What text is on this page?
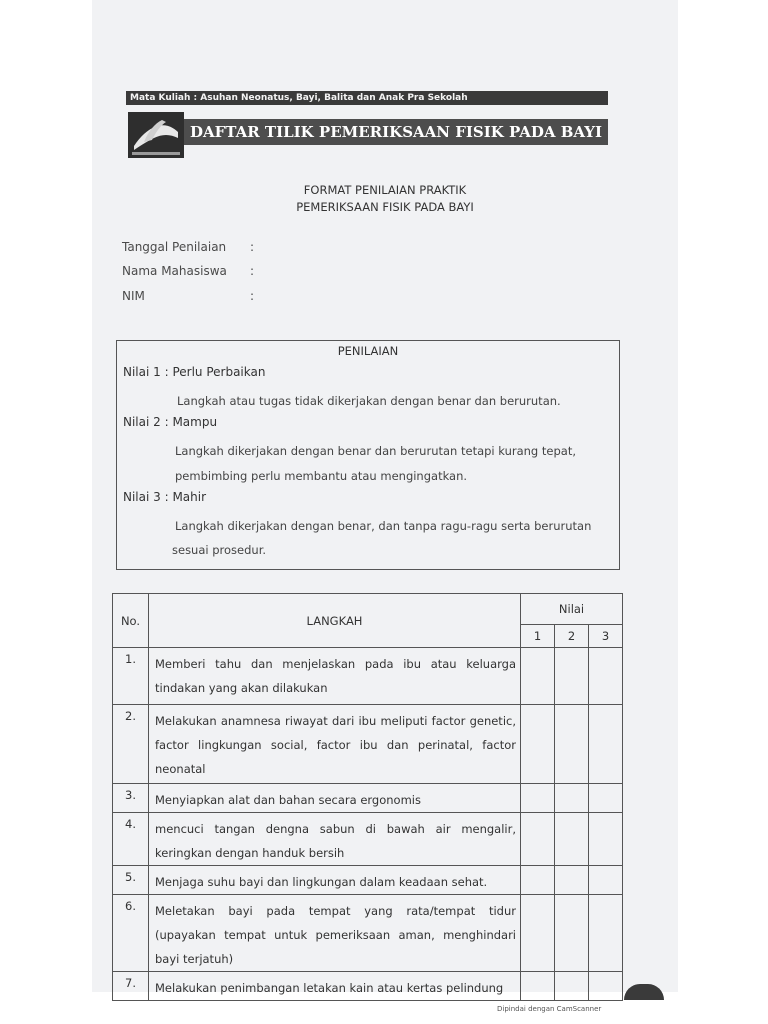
Mata Kuliah : Asuhan Neonatus, Bayi, Balita dan Anak Pra Sekolah
DAFTAR TILIK PEMERIKSAAN FISIK PADA BAYI
FORMAT PENILAIAN PRAKTIK
PEMERIKSAAN FISIK PADA BAYI
Tanggal Penilaian :
Nama Mahasiswa :
NIM	:
PENILAIAN
Nilai 1 : Perlu Perbaikan
Langkah atau tugas tidak dikerjakan dengan benar dan berurutan.
Nilai 2 : Mampu
Langkah dikerjakan dengan benar dan berurutan tetapi kurang tepat,
pembimbing perlu membantu atau mengingatkan.
Nilai 3 : Mahir
Langkah dikerjakan dengan benar, dan tanpa ragu-ragu serta berurutan
sesuai prosedur.
No.	LANGKAH	Nilai		
		1	2	3
1.	Memberi tahu dan menjelaskan pada ibu atau keluarga tindakan yang akan dilakukan			
2.	Melakukan anamnesa riwayat dari ibu meliputi factor genetic, factor lingkungan social, factor ibu dan perinatal, factor neonatal			
3.	Menyiapkan alat dan bahan secara ergonomis			
4.	mencuci tangan dengna sabun di bawah air mengalir, keringkan dengan handuk bersih			
5.	Menjaga suhu bayi dan lingkungan dalam keadaan sehat.			
6.	Meletakan bayi pada tempat yang rata/tempat tidur (upayakan tempat untuk pemeriksaan aman, menghindari bayi terjatuh)			
7.	Melakukan penimbangan letakan kain atau kertas pelindung			
Dipindai dengan CamScanner
